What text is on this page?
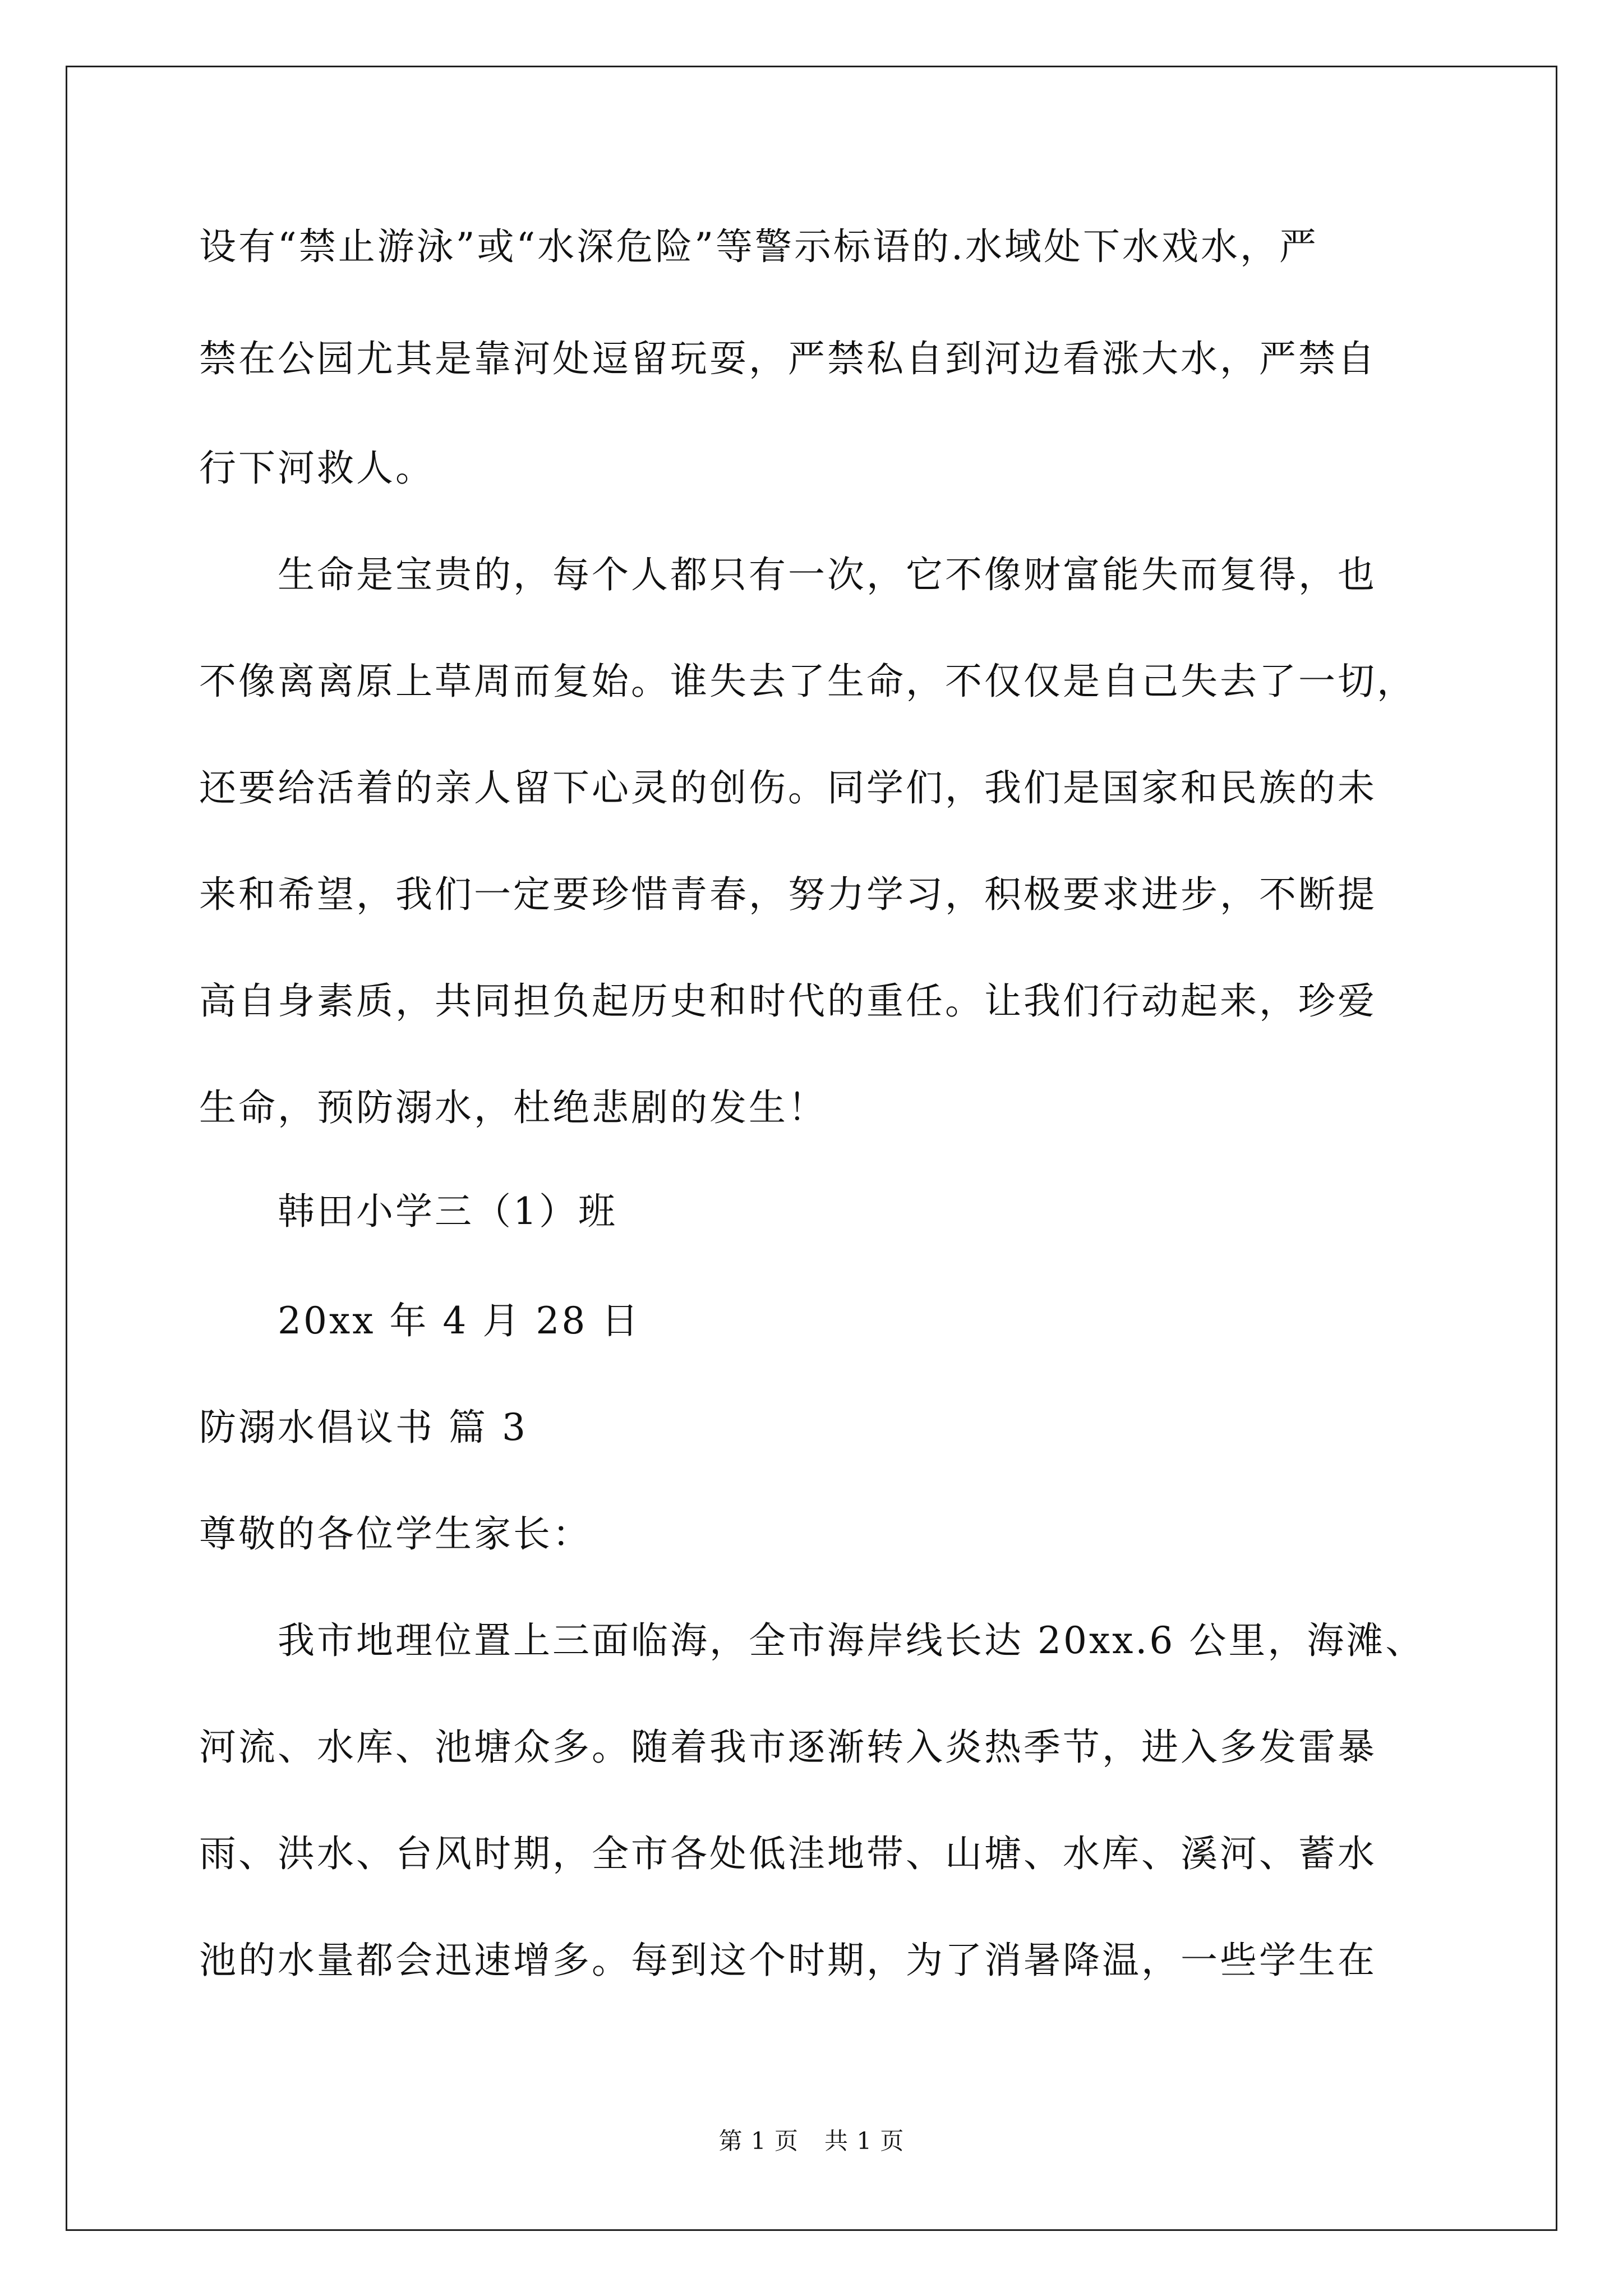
设有“禁止游泳”或“水深危险”等警示标语的.水域处下水戏水，严
禁在公园尤其是靠河处逗留玩耍，严禁私自到河边看涨大水，严禁自
行下河救人。
生命是宝贵的，每个人都只有一次，它不像财富能失而复得，也
不像离离原上草周而复始。谁失去了生命，不仅仅是自己失去了一切，
还要给活着的亲人留下心灵的创伤。同学们，我们是国家和民族的未
来和希望，我们一定要珍惜青春，努力学习，积极要求进步，不断提
高自身素质，共同担负起历史和时代的重任。让我们行动起来，珍爱
生命，预防溺水，杜绝悲剧的发生！
韩田小学三（1）班
20xx 年 4 月 28 日
防溺水倡议书 篇 3
尊敬的各位学生家长：
我市地理位置上三面临海，全市海岸线长达 20xx.6 公里，海滩、
河流、水库、池塘众多。随着我市逐渐转入炎热季节，进入多发雷暴
雨、洪水、台风时期，全市各处低洼地带、山塘、水库、溪河、蓄水
池的水量都会迅速增多。每到这个时期，为了消暑降温，一些学生在
第 1 页 共 1 页
